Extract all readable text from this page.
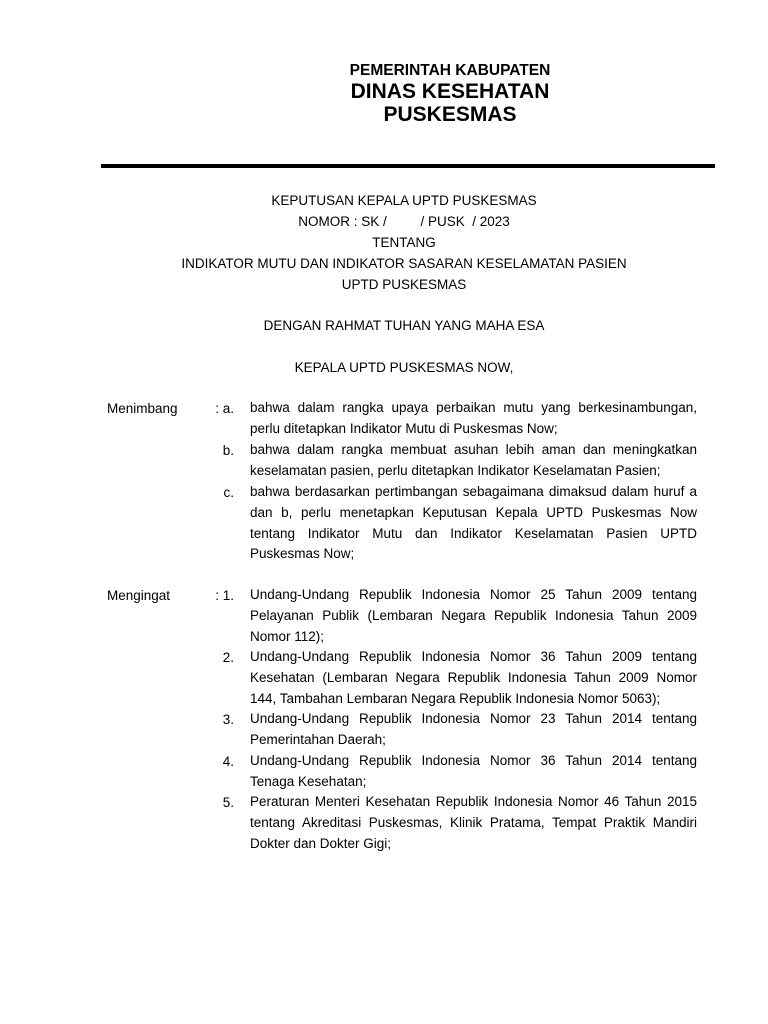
PEMERINTAH KABUPATEN
DINAS KESEHATAN
PUSKESMAS
KEPUTUSAN KEPALA UPTD PUSKESMAS
NOMOR : SK /         / PUSK  / 2023
TENTANG
INDIKATOR MUTU DAN INDIKATOR SASARAN KESELAMATAN PASIEN
UPTD PUSKESMAS
DENGAN RAHMAT TUHAN YANG MAHA ESA
KEPALA UPTD PUSKESMAS NOW,
Menimbang	: a. bahwa dalam rangka upaya perbaikan mutu yang berkesinambungan, perlu ditetapkan Indikator Mutu di Puskesmas Now;
b. bahwa dalam rangka membuat asuhan lebih aman dan meningkatkan keselamatan pasien, perlu ditetapkan Indikator Keselamatan Pasien;
c. bahwa berdasarkan pertimbangan sebagaimana dimaksud dalam huruf a dan b, perlu menetapkan Keputusan Kepala UPTD Puskesmas Now tentang Indikator Mutu dan Indikator Keselamatan Pasien UPTD Puskesmas Now;
Mengingat	: 1. Undang-Undang Republik Indonesia Nomor 25 Tahun 2009 tentang Pelayanan Publik (Lembaran Negara Republik Indonesia Tahun 2009 Nomor 112);
2. Undang-Undang Republik Indonesia Nomor 36 Tahun 2009 tentang Kesehatan (Lembaran Negara Republik Indonesia Tahun 2009 Nomor 144, Tambahan Lembaran Negara Republik Indonesia Nomor 5063);
3. Undang-Undang Republik Indonesia Nomor 23 Tahun 2014 tentang Pemerintahan Daerah;
4. Undang-Undang Republik Indonesia Nomor 36 Tahun 2014 tentang Tenaga Kesehatan;
5. Peraturan Menteri Kesehatan Republik Indonesia Nomor 46 Tahun 2015 tentang Akreditasi Puskesmas, Klinik Pratama, Tempat Praktik Mandiri Dokter dan Dokter Gigi;
